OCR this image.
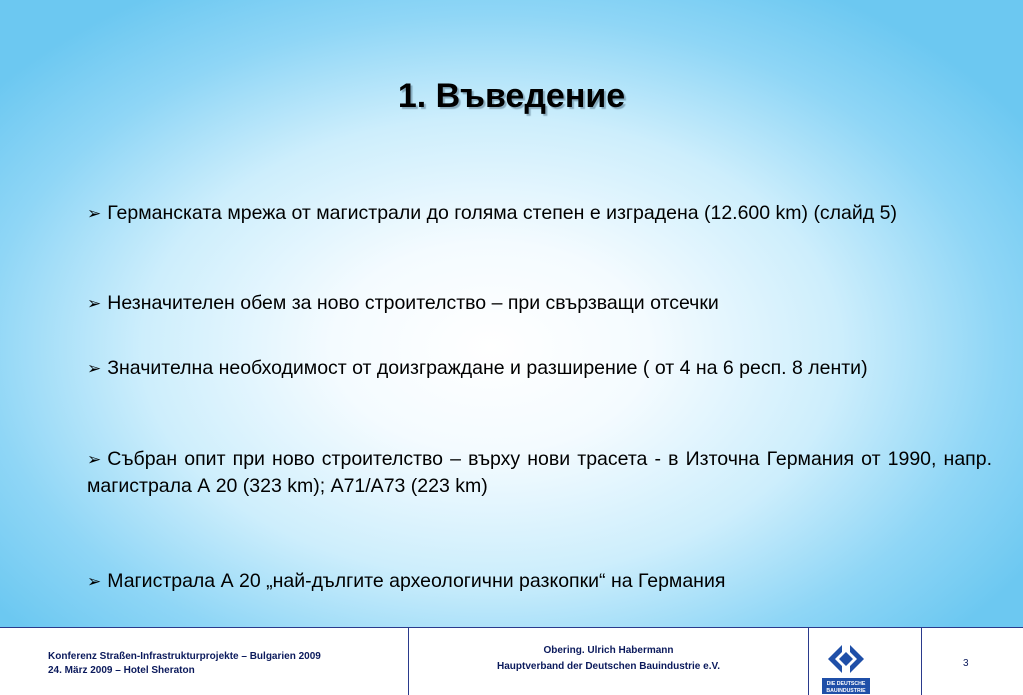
1. Въведение
➢ Германската мрежа от магистрали до голяма степен е изградена (12.600 km) (слайд 5)
➢ Незначителен обем за ново строителство – при свързващи отсечки
➢ Значителна необходимост от доизграждане и разширение ( от 4 на 6 респ. 8 ленти)
➢ Събран опит при ново строителство – върху нови трасета - в Източна Германия от 1990, напр. магистрала А 20 (323 km); А71/А73 (223 km)
➢ Магистрала А 20 „най-дългите археологични разкопки“ на Германия
Konferenz Straßen-Infrastrukturprojekte – Bulgarien 2009
24. März 2009 – Hotel Sheraton
Obering. Ulrich Habermann
Hauptverband der Deutschen Bauindustrie e.V.
DIE DEUTSCHE
BAUINDUSTRIE
3
